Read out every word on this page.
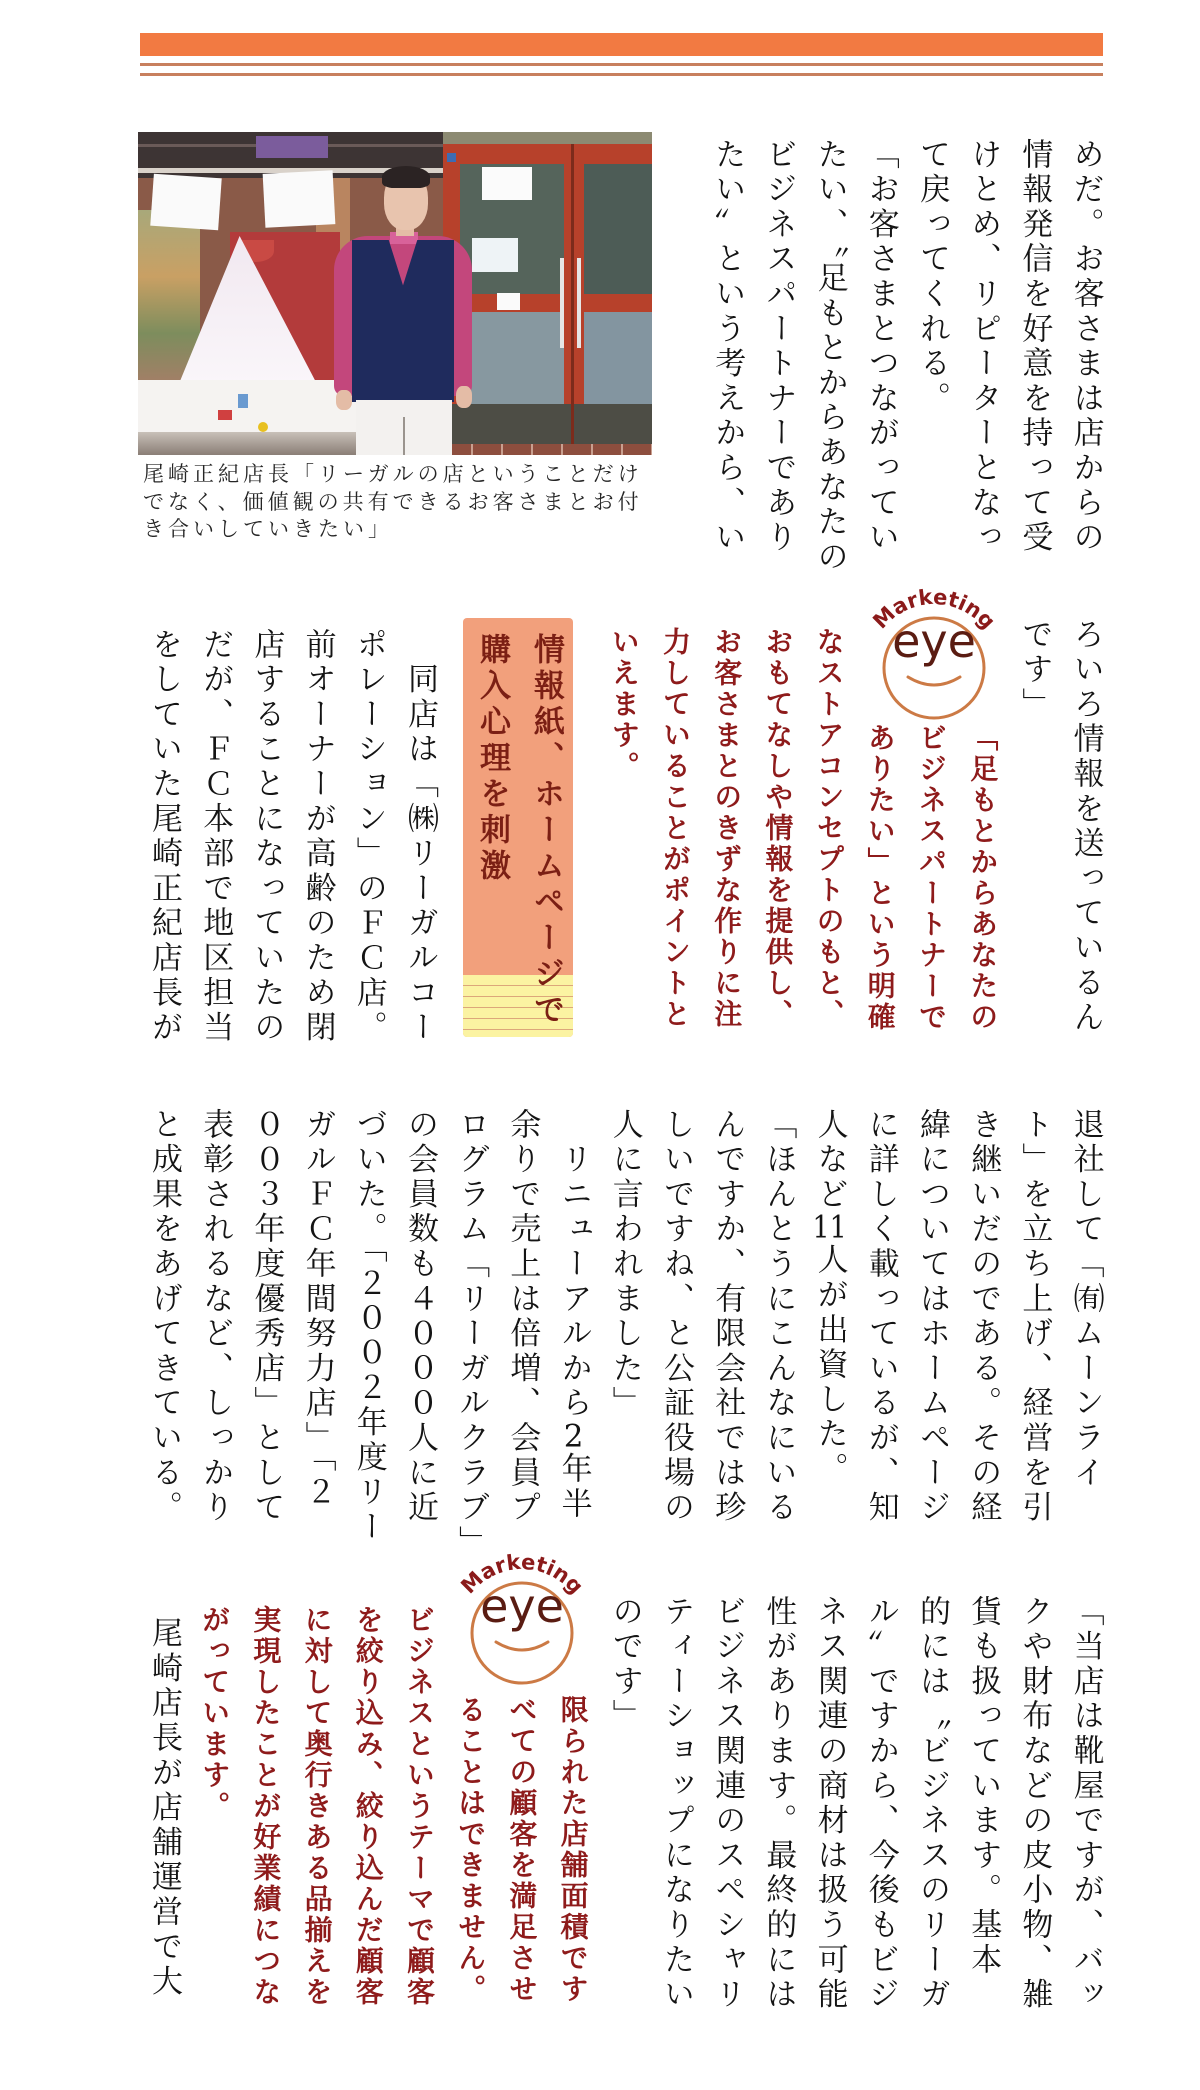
尾崎正紀店長「リーガルの店ということだけ
でなく、価値観の共有できるお客さまとお付
き合いしていきたい」	めだ。お客さまは店からの
情報発信を好意を持って受
けとめ、リピーターとなっ
て戻ってくれる。
「お客さまとつながってい
たい、〝足もとからあなたの
ビジネスパートナーであり
たい〟という考えから、い
ろいろ情報を送っているん
です」
Marketing
eye
「足もとからあなたの
ビジネスパートナーで
ありたい」という明確
なストアコンセプトのもと、
おもてなしや情報を提供し、
お客さまとのきずな作りに注
力していることがポイントと
いえます。
情報紙、ホームページで
購入心理を刺激
　同店は「㈱リーガルコー
ポレーション」のＦＣ店。
前オーナーが高齢のため閉
店することになっていたの
だが、ＦＣ本部で地区担当
をしていた尾崎正紀店長が
退社して「㈲ムーンライ
ト」を立ち上げ、経営を引
き継いだのである。その経
緯についてはホームページ
に詳しく載っているが、知
人など11人が出資した。
「ほんとうにこんなにいる
んですか、有限会社では珍
しいですね、と公証役場の
人に言われました」
　リニューアルから2年半
余りで売上は倍増、会員プ
ログラム「リーガルクラブ」
の会員数も４０００人に近
づいた。「２００２年度リー
ガルＦＣ年間努力店」「２
００３年度優秀店」として
表彰されるなど、しっかり
と成果をあげてきている。
「当店は靴屋ですが、バッ
クや財布などの皮小物、雑
貨も扱っています。基本
的には〝ビジネスのリーガ
ル〟ですから、今後もビジ
ネス関連の商材は扱う可能
性があります。最終的には
ビジネス関連のスペシャリ
ティーショップになりたい
のです」
Marketing
eye
限られた店舗面積です
べての顧客を満足させ
ることはできません。
ビジネスというテーマで顧客
を絞り込み、絞り込んだ顧客
に対して奥行きある品揃えを
実現したことが好業績につな
がっています。
　尾崎店長が店舗運営で大
